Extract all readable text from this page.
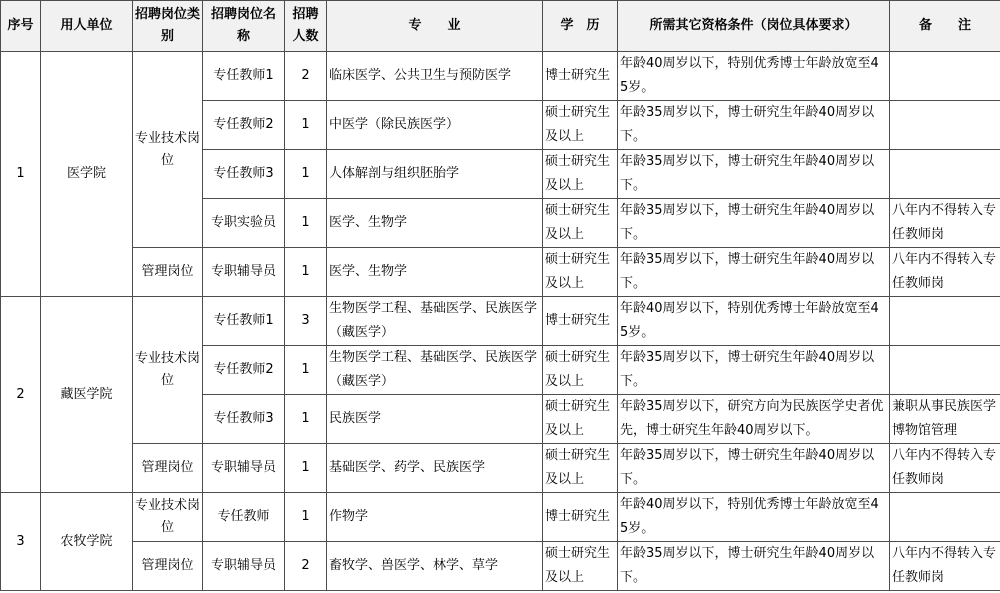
序号	用人单位	招聘岗位类别	招聘岗位名称	招聘人数	专　　业	学　历	所需其它资格条件（岗位具体要求）	备　　注
1	医学院	专业技术岗位	专任教师1	2	临床医学、公共卫生与预防医学	博士研究生	年龄40周岁以下，特别优秀博士年龄放宽至45岁。	
			专任教师2	1	中医学（除民族医学）	硕士研究生及以上	年龄35周岁以下，博士研究生年龄40周岁以下。	
			专任教师3	1	人体解剖与组织胚胎学	硕士研究生及以上	年龄35周岁以下，博士研究生年龄40周岁以下。	
			专职实验员	1	医学、生物学	硕士研究生及以上	年龄35周岁以下，博士研究生年龄40周岁以下。	八年内不得转入专任教师岗
		管理岗位	专职辅导员	1	医学、生物学	硕士研究生及以上	年龄35周岁以下，博士研究生年龄40周岁以下。	八年内不得转入专任教师岗
2	藏医学院	专业技术岗位	专任教师1	3	生物医学工程、基础医学、民族医学（藏医学）	博士研究生	年龄40周岁以下，特别优秀博士年龄放宽至45岁。	
			专任教师2	1	生物医学工程、基础医学、民族医学（藏医学）	硕士研究生及以上	年龄35周岁以下，博士研究生年龄40周岁以下。	
			专任教师3	1	民族医学	硕士研究生及以上	年龄35周岁以下，研究方向为民族医学史者优先，博士研究生年龄40周岁以下。	兼职从事民族医学博物馆管理
		管理岗位	专职辅导员	1	基础医学、药学、民族医学	硕士研究生及以上	年龄35周岁以下，博士研究生年龄40周岁以下。	八年内不得转入专任教师岗
3	农牧学院	专业技术岗位	专任教师	1	作物学	博士研究生	年龄40周岁以下，特别优秀博士年龄放宽至45岁。	
		管理岗位	专职辅导员	2	畜牧学、兽医学、林学、草学	硕士研究生及以上	年龄35周岁以下，博士研究生年龄40周岁以下。	八年内不得转入专任教师岗
